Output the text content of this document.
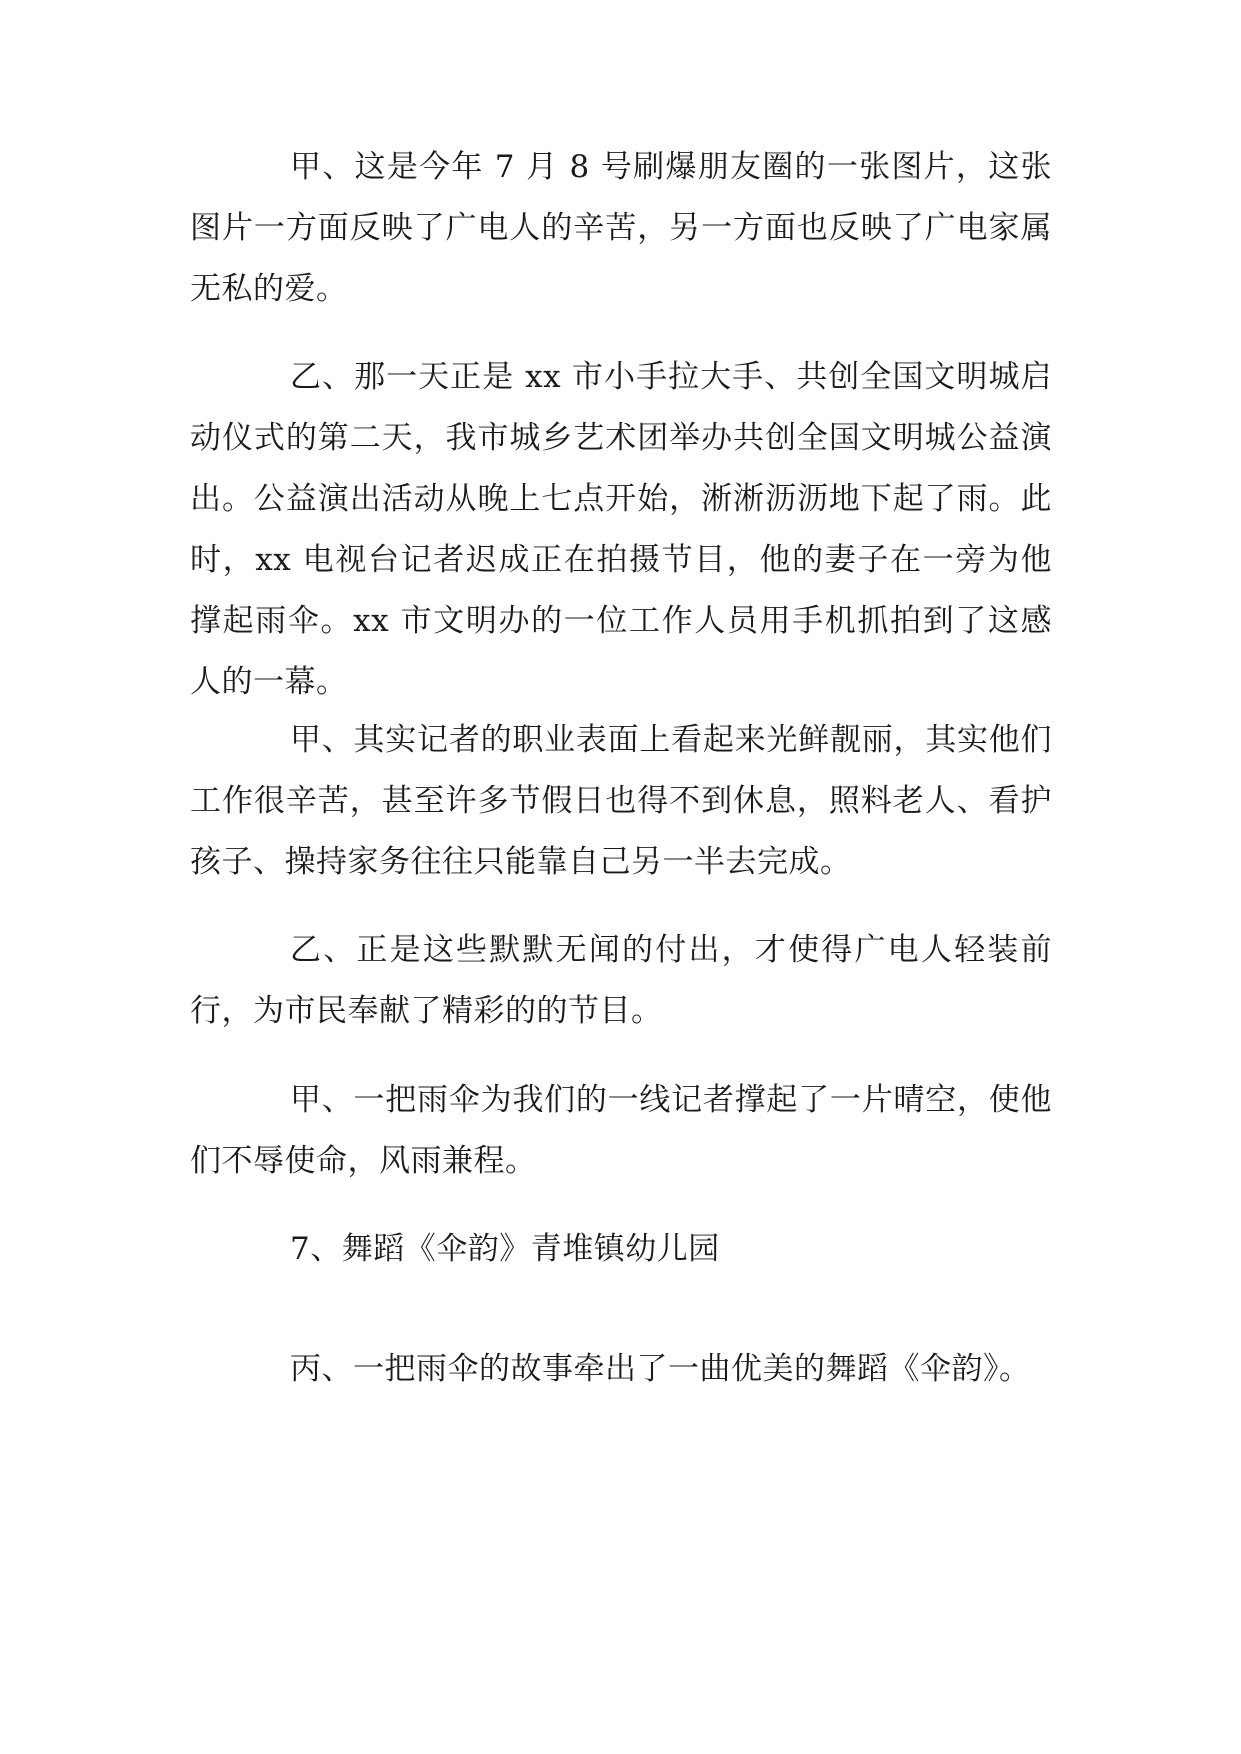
甲、这是今年 7 月 8 号刷爆朋友圈的一张图片，这张图片一方面反映了广电人的辛苦，另一方面也反映了广电家属无私的爱。

乙、那一天正是 xx 市小手拉大手、共创全国文明城启动仪式的第二天，我市城乡艺术团举办共创全国文明城公益演出。公益演出活动从晚上七点开始，淅淅沥沥地下起了雨。此时，xx 电视台记者迟成正在拍摄节目，他的妻子在一旁为他撑起雨伞。xx 市文明办的一位工作人员用手机抓拍到了这感人的一幕。

甲、其实记者的职业表面上看起来光鲜靓丽，其实他们工作很辛苦，甚至许多节假日也得不到休息，照料老人、看护孩子、操持家务往往只能靠自己另一半去完成。

乙、正是这些默默无闻的付出，才使得广电人轻装前行，为市民奉献了精彩的的节目。

甲、一把雨伞为我们的一线记者撑起了一片晴空，使他们不辱使命，风雨兼程。

7、舞蹈《伞韵》青堆镇幼儿园

丙、一把雨伞的故事牵出了一曲优美的舞蹈《伞韵》。
